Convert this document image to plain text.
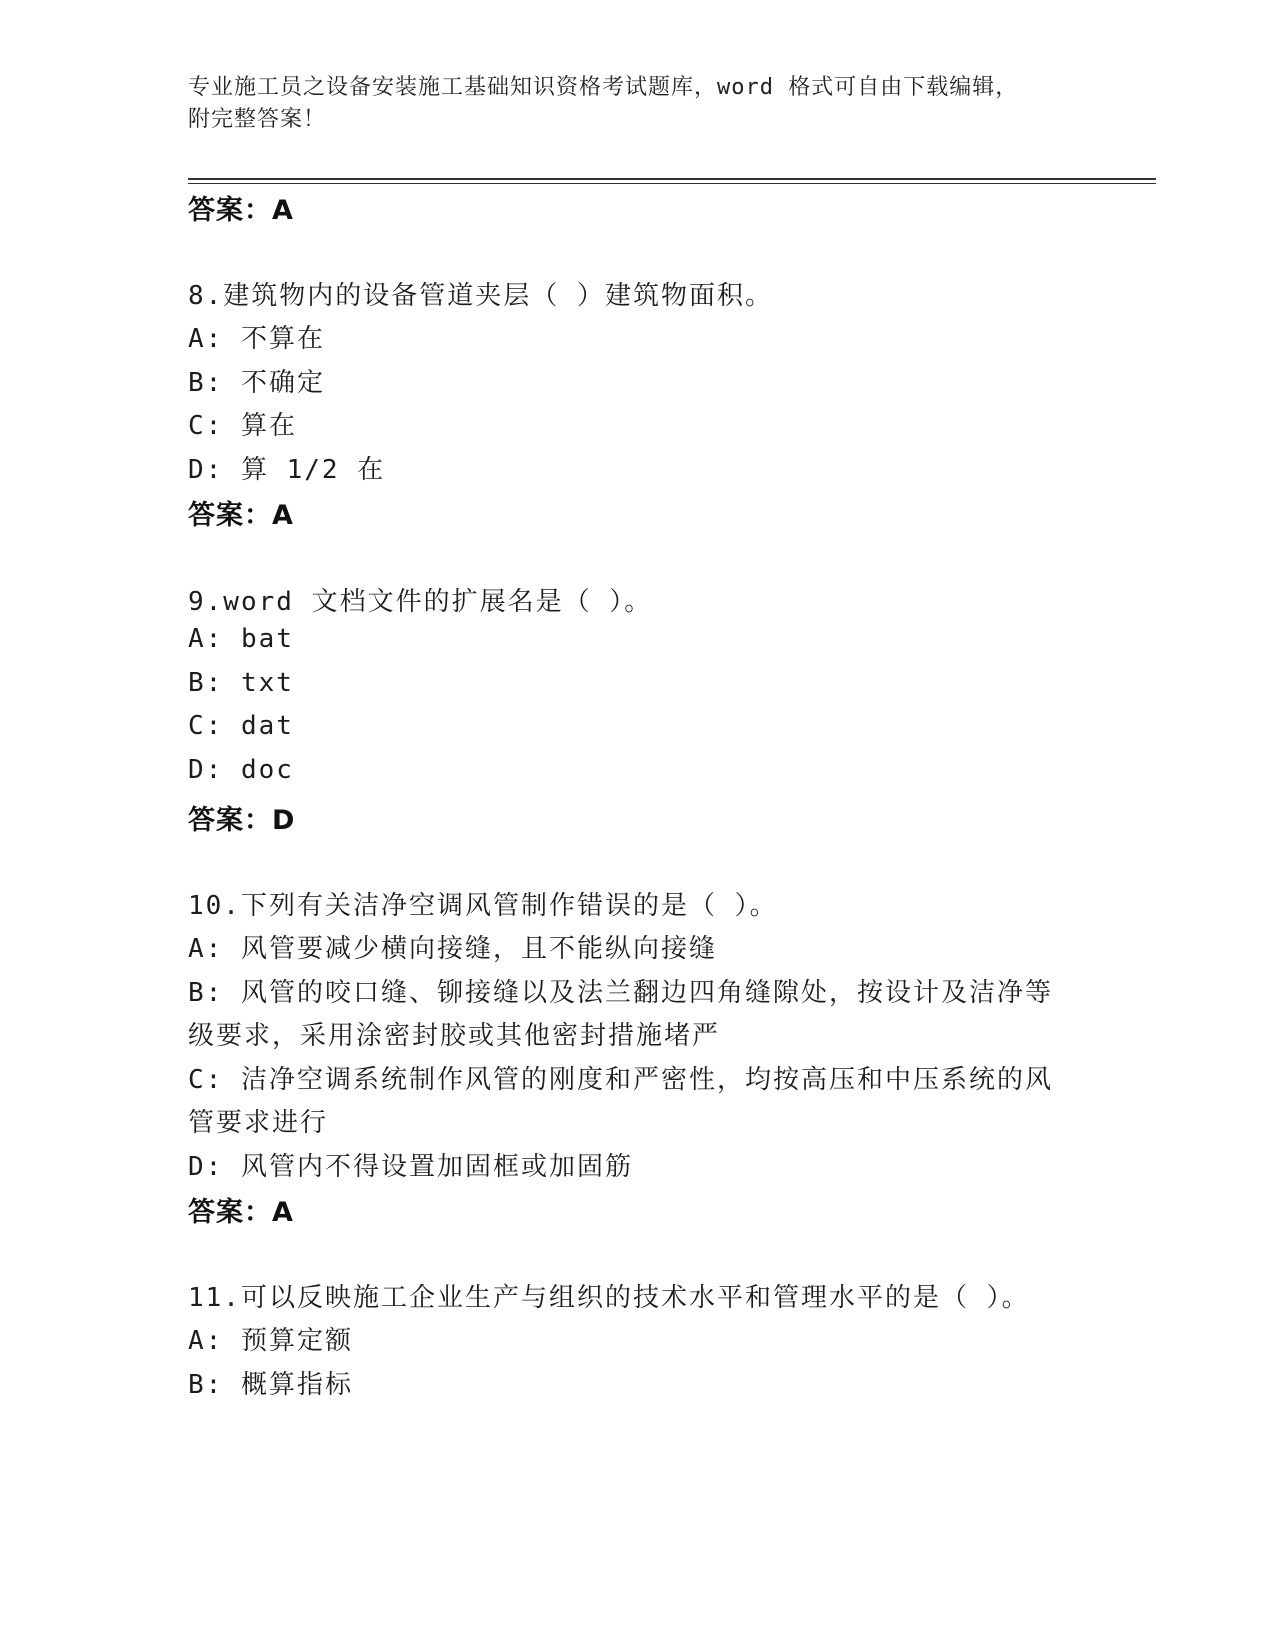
专业施工员之设备安装施工基础知识资格考试题库，word 格式可自由下载编辑，
附完整答案！
答案：A
8.建筑物内的设备管道夹层（ ）建筑物面积。
A: 不算在
B: 不确定
C: 算在
D: 算 1/2 在
答案：A
9.word 文档文件的扩展名是（ ）。
A: bat
B: txt
C: dat
D: doc
答案：D
10.下列有关洁净空调风管制作错误的是（ ）。
A: 风管要减少横向接缝，且不能纵向接缝
B: 风管的咬口缝、铆接缝以及法兰翻边四角缝隙处，按设计及洁净等
级要求，采用涂密封胶或其他密封措施堵严
C: 洁净空调系统制作风管的刚度和严密性，均按高压和中压系统的风
管要求进行
D: 风管内不得设置加固框或加固筋
答案：A
11.可以反映施工企业生产与组织的技术水平和管理水平的是（ ）。
A: 预算定额
B: 概算指标
